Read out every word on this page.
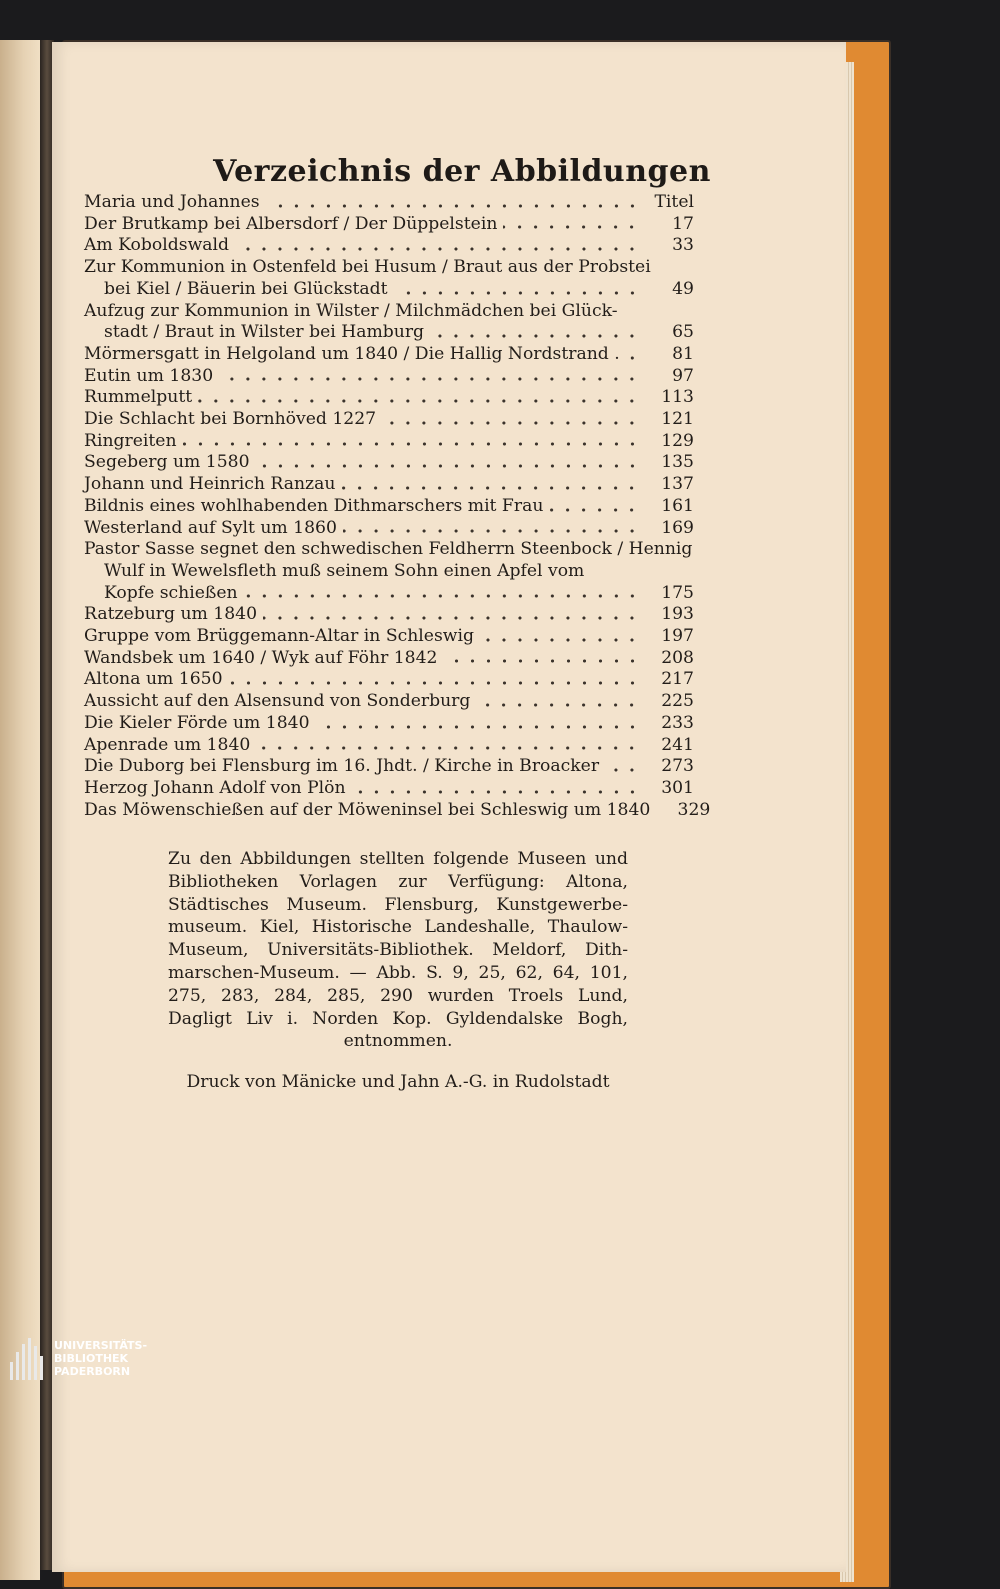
Verzeichnis der Abbildungen
Maria und Johannes	Titel
Der Brutkamp bei Albersdorf / Der Düppelstein	17
Am Koboldswald	33
Zur Kommunion in Ostenfeld bei Husum / Braut aus der Probstei
bei Kiel / Bäuerin bei Glückstadt	49
Aufzug zur Kommunion in Wilster / Milchmädchen bei Glück-
stadt / Braut in Wilster bei Hamburg	65
Mörmersgatt in Helgoland um 1840 / Die Hallig Nordstrand .	81
Eutin um 1830	97
Rummelputt	113
Die Schlacht bei Bornhöved 1227	121
Ringreiten	129
Segeberg um 1580	135
Johann und Heinrich Ranzau	137
Bildnis eines wohlhabenden Dithmarschers mit Frau	161
Westerland auf Sylt um 1860	169
Pastor Sasse segnet den schwedischen Feldherrn Steenbock / Hennig
Wulf in Wewelsfleth muß seinem Sohn einen Apfel vom
Kopfe schießen	175
Ratzeburg um 1840	193
Gruppe vom Brüggemann-Altar in Schleswig	197
Wandsbek um 1640 / Wyk auf Föhr 1842	208
Altona um 1650	217
Aussicht auf den Alsensund von Sonderburg	225
Die Kieler Förde um 1840	233
Apenrade um 1840	241
Die Duborg bei Flensburg im 16. Jhdt. / Kirche in Broacker	273
Herzog Johann Adolf von Plön	301
Das Möwenschießen auf der Möweninsel bei Schleswig um 1840	329
Zu den Abbildungen stellten folgende Museen und
Bibliotheken Vorlagen zur Verfügung: Altona,
Städtisches Museum. Flensburg, Kunstgewerbe-
museum. Kiel, Historische Landeshalle, Thaulow-
Museum, Universitäts-Bibliothek. Meldorf, Dith-
marschen-Museum. — Abb. S. 9, 25, 62, 64, 101,
275, 283, 284, 285, 290 wurden Troels Lund,
Dagligt Liv i. Norden Kop. Gyldendalske Bogh,
entnommen.
Druck von Mänicke und Jahn A.-G. in Rudolstadt
UNIVERSITÄTS-
BIBLIOTHEK
PADERBORN
